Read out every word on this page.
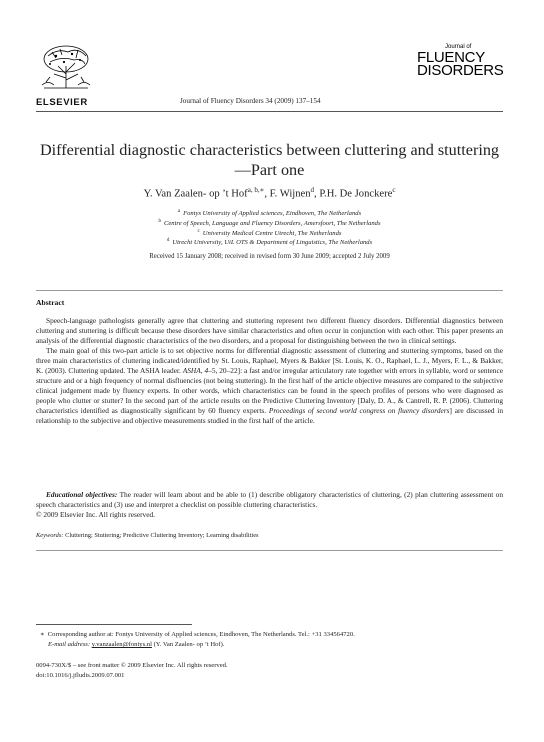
ELSEVIER	Journal of Fluency Disorders 34 (2009) 137–154
Journal of
FLUENCY
DISORDERS
Differential diagnostic characteristics between cluttering and stuttering—Part one
Y. Van Zaalen- op ’t Hof$^{a, b,∗}$, F. Wijnen$^d$, P.H. De Jonckere$^c$
$^a$ Fontys University of Applied sciences, Eindhoven, The Netherlands
$^b$ Centre of Speech, Language and Fluency Disorders, Amersfoort, The Netherlands
$^c$ University Medical Centre Utrecht, The Netherlands
$^d$ Utrecht University, UiL OTS & Department of Linguistics, The Netherlands
Received 15 January 2008; received in revised form 30 June 2009; accepted 2 July 2009
Abstract

Speech-language pathologists generally agree that cluttering and stuttering represent two different fluency disorders. Differential diagnostics between cluttering and stuttering is difficult because these disorders have similar characteristics and often occur in conjunction with each other. This paper presents an analysis of the differential diagnostic characteristics of the two disorders, and a proposal for distinguishing between the two in clinical settings.

The main goal of this two-part article is to set objective norms for differential diagnostic assessment of cluttering and stuttering symptoms, based on the three main characteristics of cluttering indicated/identified by St. Louis, Raphael, Myers & Bakker [St. Louis, K. O., Raphael, L. J., Myers, F. L., & Bakker, K. (2003). Cluttering updated. The ASHA leader. ASHA, 4–5, 20–22]: a fast and/or irregular articulatory rate together with errors in syllable, word or sentence structure and or a high frequency of normal disfluencies (not being stuttering). In the first half of the article objective measures are compared to the subjective clinical judgement made by fluency experts. In other words, which characteristics can be found in the speech profiles of persons who were diagnosed as people who clutter or stutter? In the second part of the article results on the Predictive Cluttering Inventory [Daly, D. A., & Cantrell, R. P. (2006). Cluttering characteristics identified as diagnostically significant by 60 fluency experts. Proceedings of second world congress on fluency disorders] are discussed in relationship to the subjective and objective measurements studied in the first half of the article.

Educational objectives: The reader will learn about and be able to (1) describe obligatory characteristics of cluttering, (2) plan cluttering assessment on speech characteristics and (3) use and interpret a checklist on possible cluttering characteristics.

© 2009 Elsevier Inc. All rights reserved.
Keywords: Cluttering; Stuttering; Predictive Cluttering Inventory; Learning disabilities
∗ Corresponding author at: Fontys University of Applied sciences, Eindhoven, The Netherlands. Tel.: +31 334564720.
E-mail address: y.vanzaalen@fontys.nl (Y. Van Zaalen- op ’t Hof).
0094-730X/$ – see front matter © 2009 Elsevier Inc. All rights reserved.
doi:10.1016/j.jfludis.2009.07.001
